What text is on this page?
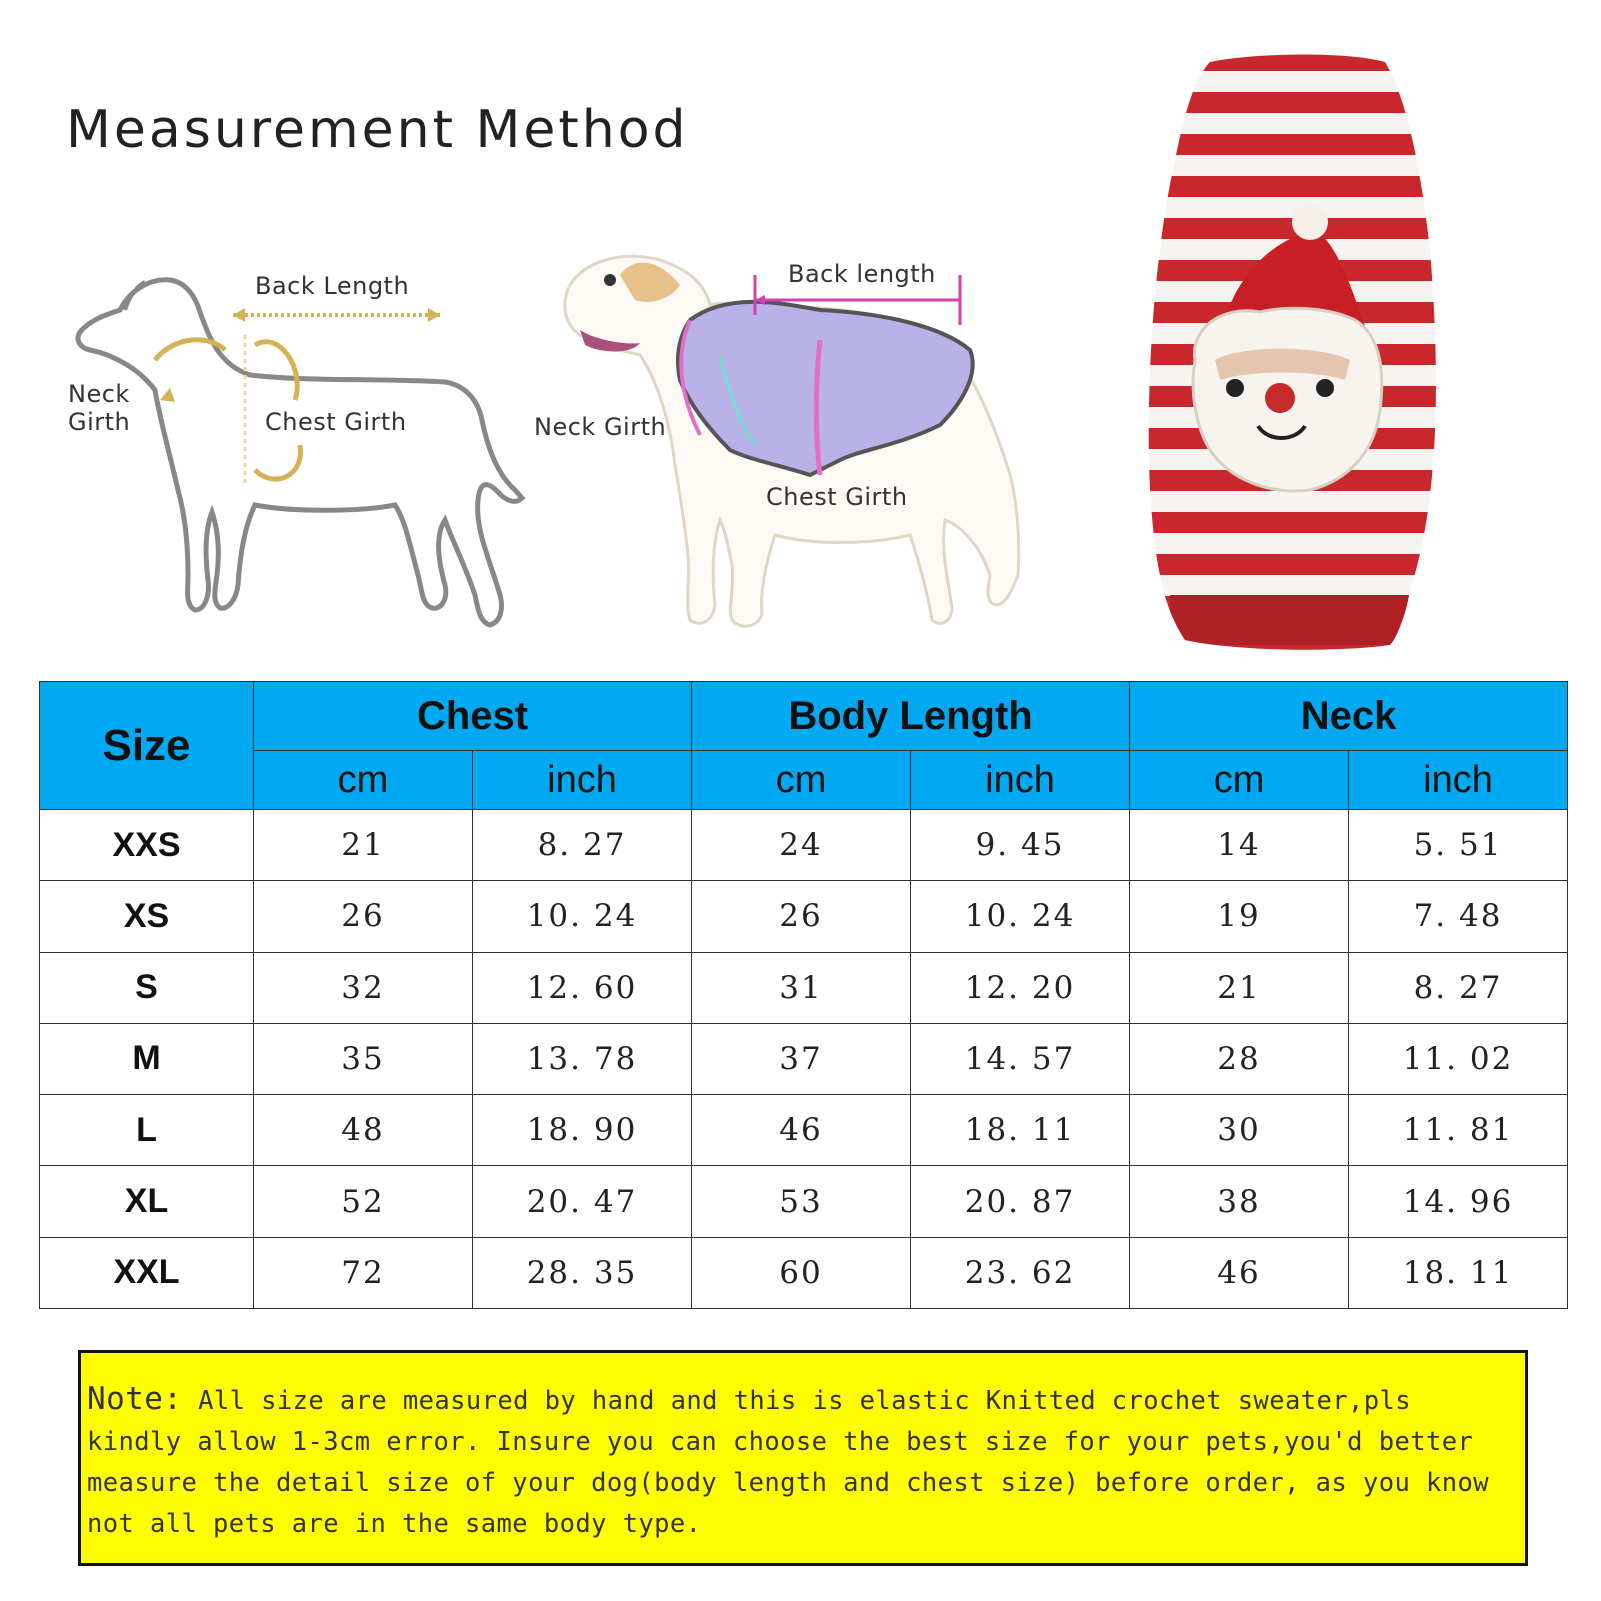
Measurement Method
Back Length
Neck
Girth	Chest Girth
Back length
Neck Girth
Chest Girth
Size	Chest		Body Length		Neck	
	cm	inch	cm	inch	cm	inch
XXS	21	8. 27	24	9. 45	14	5. 51
XS	26	10. 24	26	10. 24	19	7. 48
S	32	12. 60	31	12. 20	21	8. 27
M	35	13. 78	37	14. 57	28	11. 02
L	48	18. 90	46	18. 11	30	11. 81
XL	52	20. 47	53	20. 87	38	14. 96
XXL	72	28. 35	60	23. 62	46	18. 11
Note: All size are measured by hand and this is elastic Knitted crochet sweater,pls kindly allow 1-3cm error. Insure you can choose the best size for your pets,you'd better measure the detail size of your dog(body length and chest size) before order, as you know not all pets are in the same body type.
